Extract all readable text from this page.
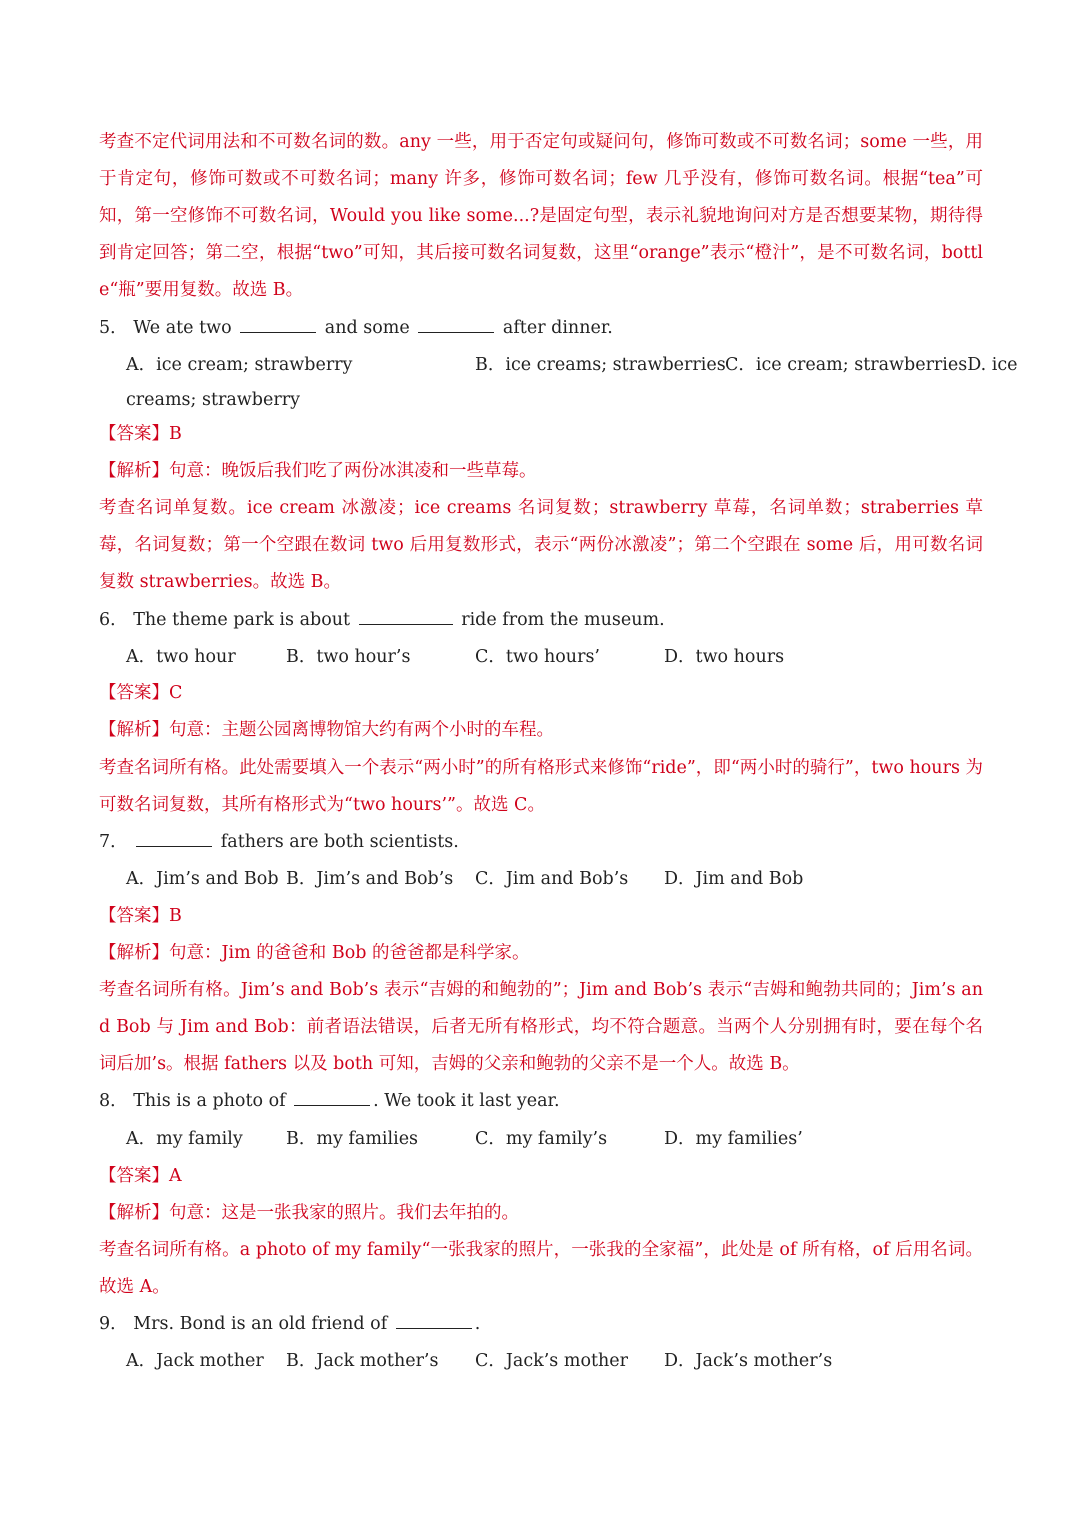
考查不定代词用法和不可数名词的数。any 一些，用于否定句或疑问句，修饰可数或不可数名词；some 一些，用于肯定句，修饰可数或不可数名词；many 许多，修饰可数名词；few 几乎没有，修饰可数名词。根据“tea”可知，第一空修饰不可数名词，Would you like some...?是固定句型，表示礼貌地询问对方是否想要某物，期待得到肯定回答；第二空，根据“two”可知，其后接可数名词复数，这里“orange”表示“橙汁”，是不可数名词，bottle“瓶”要用复数。故选 B。

5． We ate two	and some	after dinner.

A．ice cream; strawberry	B．ice creams; strawberries C．ice cream; strawberriesD. ice
creams; strawberry

【答案】B

【解析】句意：晚饭后我们吃了两份冰淇凌和一些草莓。

考查名词单复数。ice cream 冰激凌；ice creams 名词复数；strawberry 草莓，名词单数；straberries 草莓，名词复数；第一个空跟在数词 two 后用复数形式，表示“两份冰激凌”；第二个空跟在 some 后，用可数名词复数 strawberries。故选 B。

6． The theme park is about	ride from the museum.

A．two hour	B．two hour’s	C．two hours’	D．two hours

【答案】C

【解析】句意：主题公园离博物馆大约有两个小时的车程。

考查名词所有格。此处需要填入一个表示“两小时”的所有格形式来修饰“ride”，即“两小时的骑行”，two hours 为可数名词复数，其所有格形式为“two hours’”。故选 C。

7．	fathers are both scientists.

A．Jim’s and Bob B．Jim’s and Bob’s C．Jim and Bob’s D．Jim and Bob

【答案】B

【解析】句意：Jim 的爸爸和 Bob 的爸爸都是科学家。

考查名词所有格。Jim’s and Bob’s 表示“吉姆的和鲍勃的”；Jim and Bob’s 表示“吉姆和鲍勃共同的；Jim’s and Bob 与 Jim and Bob：前者语法错误，后者无所有格形式，均不符合题意。当两个人分别拥有时，要在每个名词后加’s。根据 fathers 以及 both 可知，吉姆的父亲和鲍勃的父亲不是一个人。故选 B。

8． This is a photo of	. We took it last year.

A．my family B．my families	C．my family’s	D．my families’

【答案】A

【解析】句意：这是一张我家的照片。我们去年拍的。

考查名词所有格。a photo of my family“一张我家的照片，一张我的全家福”，此处是 of 所有格，of 后用名词。故选 A。

9． Mrs. Bond is an old friend of	.

A．Jack mother B．Jack mother’s C．Jack’s mother D．Jack’s mother’s
